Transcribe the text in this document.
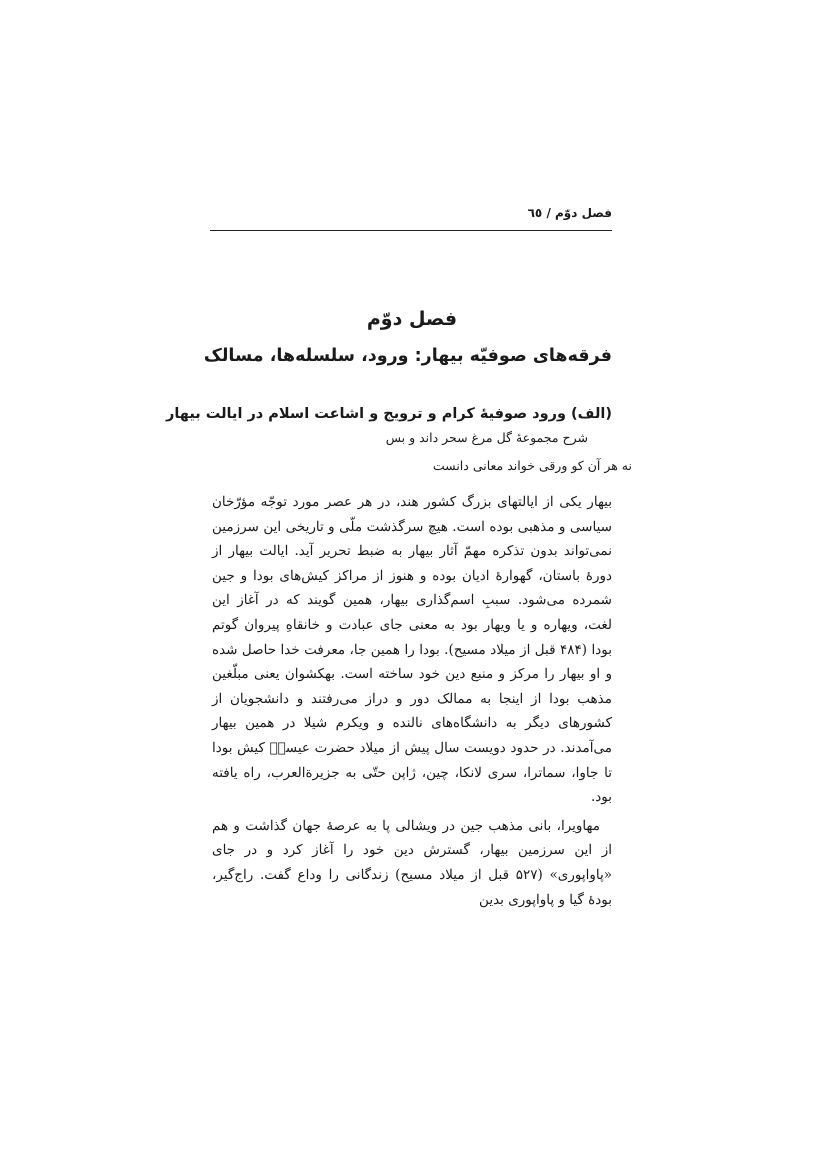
فصل دوّم / ٦٥
فصل دوّم
فرقه‌های صوفیّه بیهار: ورود، سلسله‌ها، مسالک
(الف) ورود صوفیهٔ کرام و ترویج و اشاعت اسلام در ایالت بیهار
شرح مجموعهٔ گل مرغ سحر داند و بس
نه هر آن کو ورقی خواند معانی دانست

بیهار یکی از ایالتهای بزرگ کشور هند، در هر عصر مورد توجّه مؤرّخان سیاسی و مذهبی بوده است. هیچ سرگذشت ملّی و تاریخی این سرزمین نمی‌تواند بدون تذکره مهمّ آثار بیهار به ضبط تحریر آید. ایالت بیهار از دورهٔ باستان، گهوارهٔ ادیان بوده و هنوز از مراکز کیش‌های بودا و جین شمرده می‌شود. سببِ اسم‌گذاری بیهار، همین گویند که در آغاز این لغت، ویهاره و یا ویهار بود به معنی جای عبادت و خانقاهِ پیروان گوتم بودا (۴۸۴ قبل از میلاد مسیح). بودا را همین جا، معرفت خدا حاصل شده و او بیهار را مرکز و منبع دین خود ساخته است. بهکشوان یعنی مبلّغین مذهب بودا از اینجا به ممالک دور و دراز می‌رفتند و دانشجویان از کشورهای دیگر به دانشگاه‌های نالنده و ویکرم شیلا در همین بیهار می‌آمدند. در حدود دویست سال پیش از میلاد حضرت عیسیؑ کیش بودا تا جاوا، سماترا، سری لانکا، چین، ژاپن حتّی به جزیرةالعرب، راه یافته بود.

مهاویرا، بانی مذهب جین در ویشالی پا به عرصهٔ جهان گذاشت و هم از این سرزمین بیهار، گسترش دین خود را آغاز کرد و در جای «پاواپوری» (۵۲۷ قبل از میلاد مسیح) زندگانی را وداع گفت. راج‌گیر، بودهٔ گیا و پاواپوری بدین
